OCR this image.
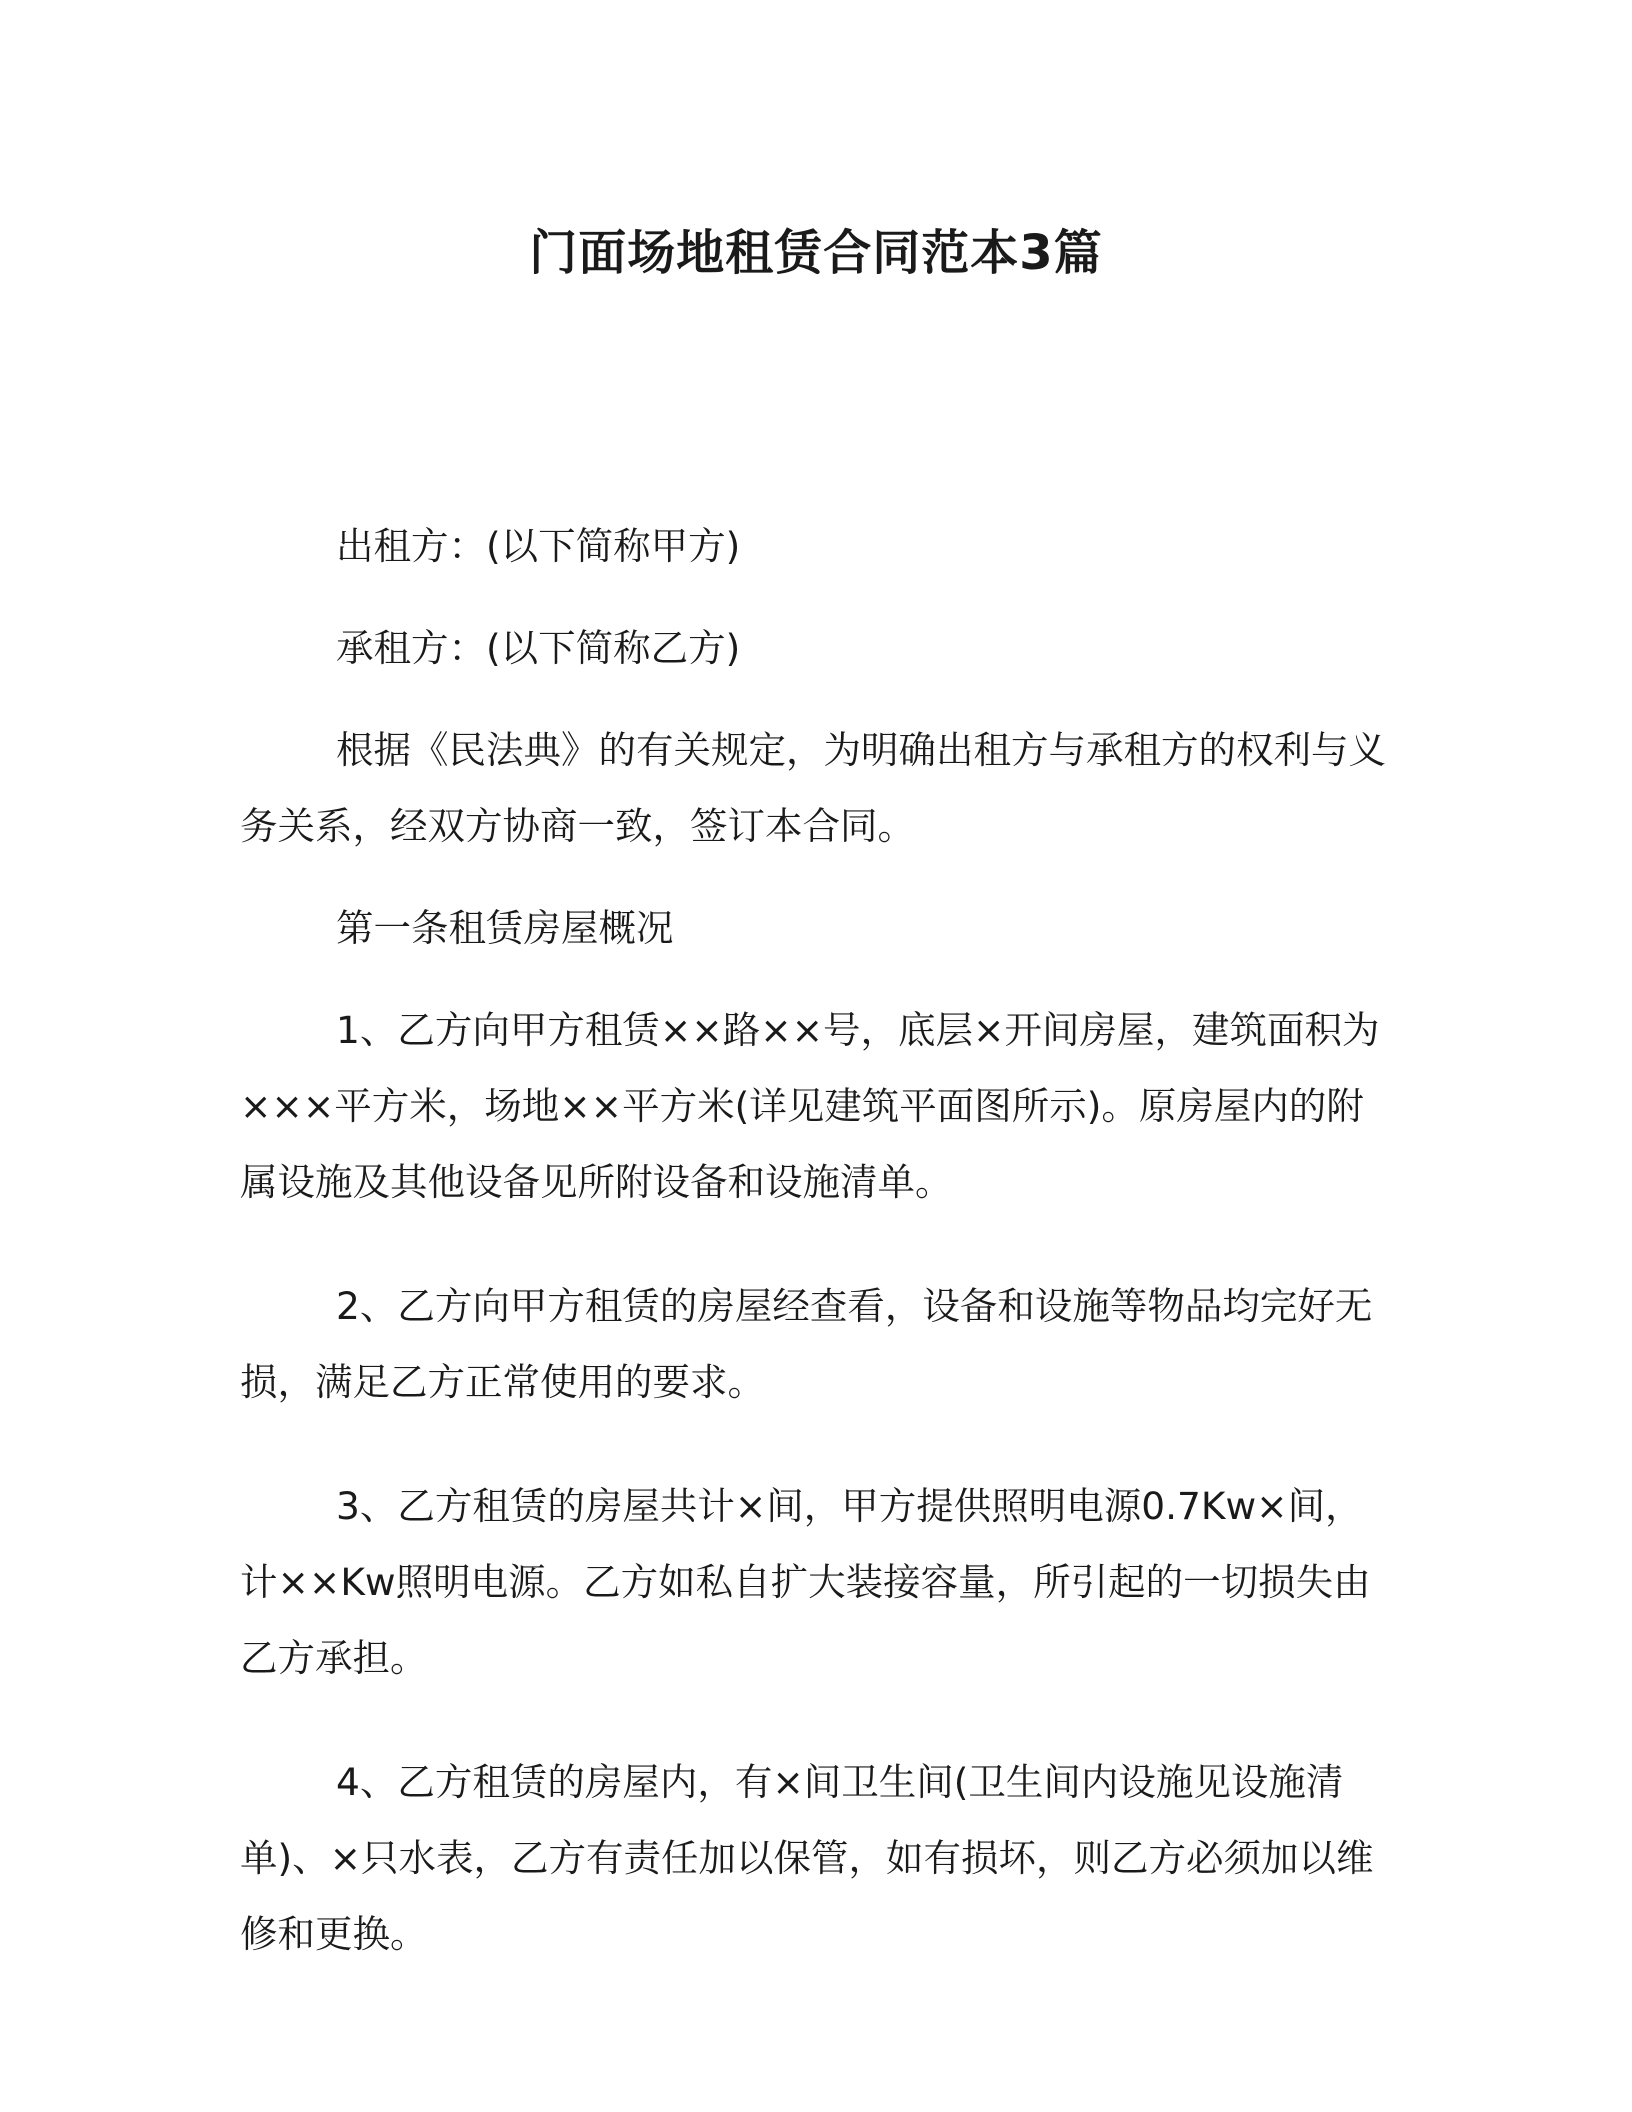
门面场地租赁合同范本3篇

出租方：(以下简称甲方)

承租方：(以下简称乙方)

根据《民法典》的有关规定，为明确出租方与承租方的权利与义务关系，经双方协商一致，签订本合同。

第一条租赁房屋概况

1、乙方向甲方租赁××路××号，底层×开间房屋，建筑面积为×××平方米，场地××平方米(详见建筑平面图所示)。原房屋内的附属设施及其他设备见所附设备和设施清单。

2、乙方向甲方租赁的房屋经查看，设备和设施等物品均完好无损，满足乙方正常使用的要求。

3、乙方租赁的房屋共计×间，甲方提供照明电源0.7Kw×间，计××Kw照明电源。乙方如私自扩大装接容量，所引起的一切损失由乙方承担。

4、乙方租赁的房屋内，有×间卫生间(卫生间内设施见设施清单)、×只水表，乙方有责任加以保管，如有损坏，则乙方必须加以维修和更换。
